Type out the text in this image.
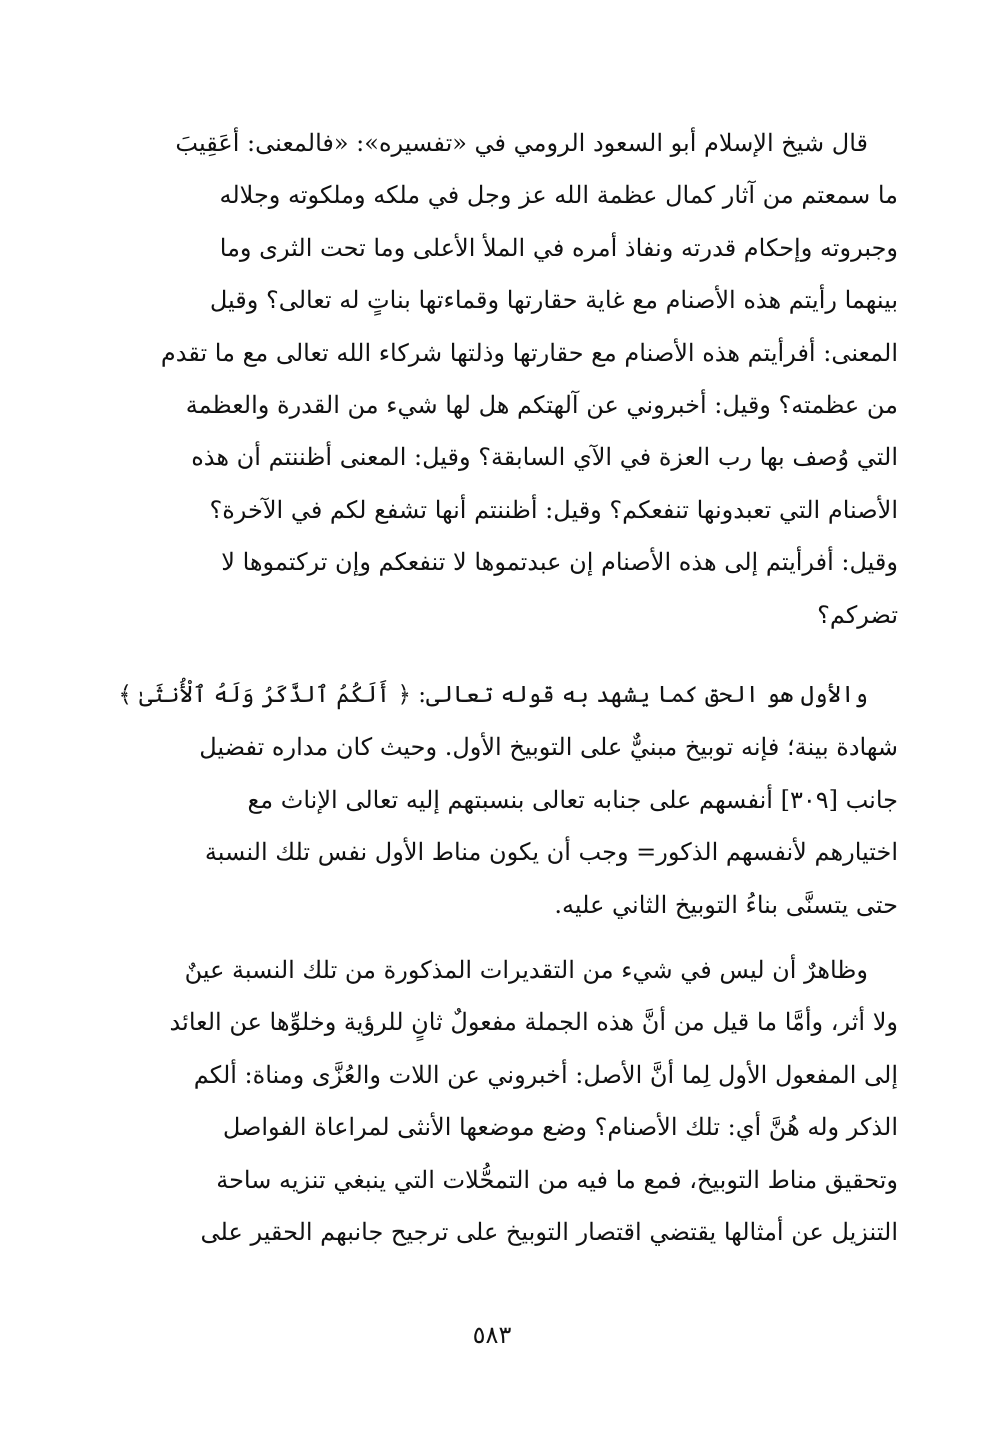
قال شيخ الإسلام أبو السعود الرومي في «تفسيره»: «فالمعنى: أعَقِيبَ
ما سمعتم من آثار كمال عظمة الله عز وجل في ملكه وملكوته وجلاله
وجبروته وإحكام قدرته ونفاذ أمره في الملأ الأعلى وما تحت الثرى وما
بينهما رأيتم هذه الأصنام مع غاية حقارتها وقماءتها بناتٍ له تعالى؟ وقيل
المعنى: أفرأيتم هذه الأصنام مع حقارتها وذلتها شركاء الله تعالى مع ما تقدم
من عظمته؟ وقيل: أخبروني عن آلهتكم هل لها شيء من القدرة والعظمة
التي وُصف بها رب العزة في الآي السابقة؟ وقيل: المعنى أظننتم أن هذه
الأصنام التي تعبدونها تنفعكم؟ وقيل: أظننتم أنها تشفع لكم في الآخرة؟
وقيل: أفرأيتم إلى هذه الأصنام إن عبدتموها لا تنفعكم وإن تركتموها لا
تضركم؟
والأول هو الحق كما يشهد به قوله تعالى: ﴿ أَلَكُمُ ٱلذَّكَرُ وَلَهُ ٱلْأُنثَىٰ ﴾
شهادة بينة؛ فإنه توبيخ مبنيٌّ على التوبيخ الأول. وحيث كان مداره تفضيل
جانب [٣٠٩] أنفسهم على جنابه تعالى بنسبتهم إليه تعالى الإناث مع
اختيارهم لأنفسهم الذكور= وجب أن يكون مناط الأول نفس تلك النسبة
حتى يتسنَّى بناءُ التوبيخ الثاني عليه.
وظاهرٌ أن ليس في شيء من التقديرات المذكورة من تلك النسبة عينٌ
ولا أثر، وأمَّا ما قيل من أنَّ هذه الجملة مفعولٌ ثانٍ للرؤية وخلوِّها عن العائد
إلى المفعول الأول لِما أنَّ الأصل: أخبروني عن اللات والعُزَّى ومناة: ألكم
الذكر وله هُنَّ أي: تلك الأصنام؟ وضع موضعها الأنثى لمراعاة الفواصل
وتحقيق مناط التوبيخ، فمع ما فيه من التمحُّلات التي ينبغي تنزيه ساحة
التنزيل عن أمثالها يقتضي اقتصار التوبيخ على ترجيح جانبهم الحقير على
٥٨٣
